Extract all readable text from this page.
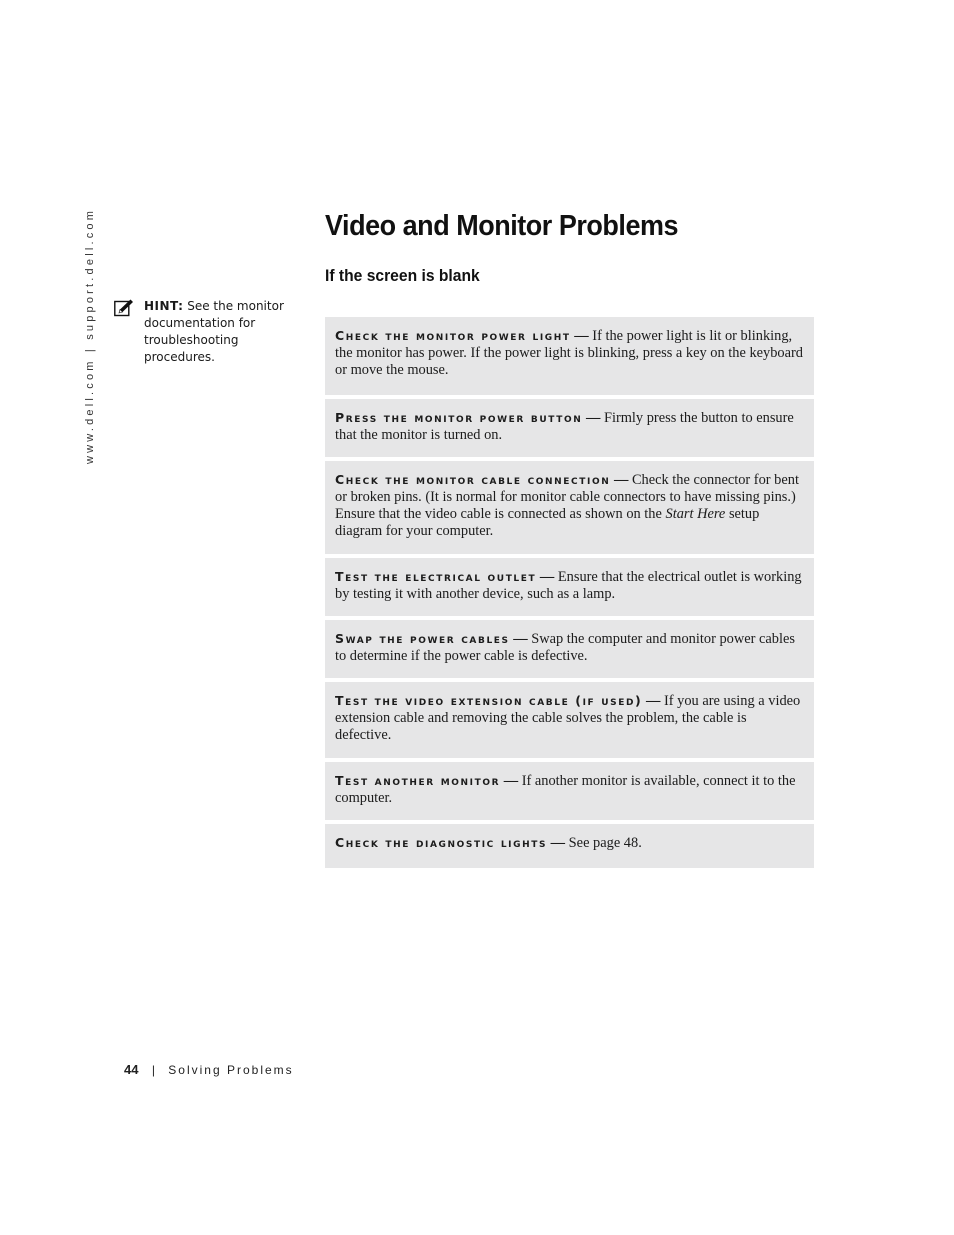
www.dell.com | support.dell.com	HINT: See the monitor documentation for troubleshooting procedures.
Video and Monitor Problems
If the screen is blank
Check the monitor power light — If the power light is lit or blinking, the monitor has power. If the power light is blinking, press a key on the keyboard or move the mouse.
Press the monitor power button — Firmly press the button to ensure that the monitor is turned on.
Check the monitor cable connection — Check the connector for bent or broken pins. (It is normal for monitor cable connectors to have missing pins.) Ensure that the video cable is connected as shown on the Start Here setup diagram for your computer.
Test the electrical outlet — Ensure that the electrical outlet is working by testing it with another device, such as a lamp.
Swap the power cables — Swap the computer and monitor power cables to determine if the power cable is defective.
Test the video extension cable (if used) — If you are using a video extension cable and removing the cable solves the problem, the cable is defective.
Test another monitor — If another monitor is available, connect it to the computer.
Check the diagnostic lights — See page 48.
44 | Solving Problems
